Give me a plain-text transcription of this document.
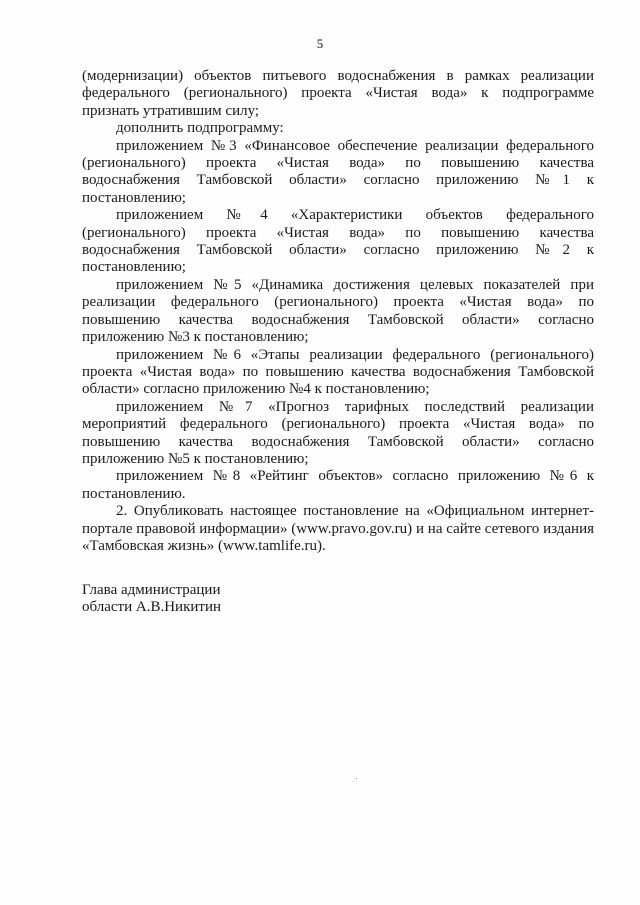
5

(модернизации) объектов питьевого водоснабжения в рамках реализации федерального (регионального) проекта «Чистая вода» к подпрограмме признать утратившим силу;

дополнить подпрограмму:

приложением №3 «Финансовое обеспечение реализации федерального (регионального) проекта «Чистая вода» по повышению качества водоснабжения Тамбовской области» согласно приложению №1 к постановлению;

приложением №4 «Характеристики объектов федерального (регионального) проекта «Чистая вода» по повышению качества водоснабжения Тамбовской области» согласно приложению №2 к постановлению;

приложением №5 «Динамика достижения целевых показателей при реализации федерального (регионального) проекта «Чистая вода» по повышению качества водоснабжения Тамбовской области» согласно приложению №3 к постановлению;

приложением №6 «Этапы реализации федерального (регионального) проекта «Чистая вода» по повышению качества водоснабжения Тамбовской области» согласно приложению №4 к постановлению;

приложением №7 «Прогноз тарифных последствий реализации мероприятий федерального (регионального) проекта «Чистая вода» по повышению качества водоснабжения Тамбовской области» согласно приложению №5 к постановлению;

приложением №8 «Рейтинг объектов» согласно приложению №6 к постановлению.

2. Опубликовать настоящее постановление на «Официальном интернет-портале правовой информации» (www.pravo.gov.ru) и на сайте сетевого издания «Тамбовская жизнь» (www.tamlife.ru).

Глава администрации
области А.В.Никитин
